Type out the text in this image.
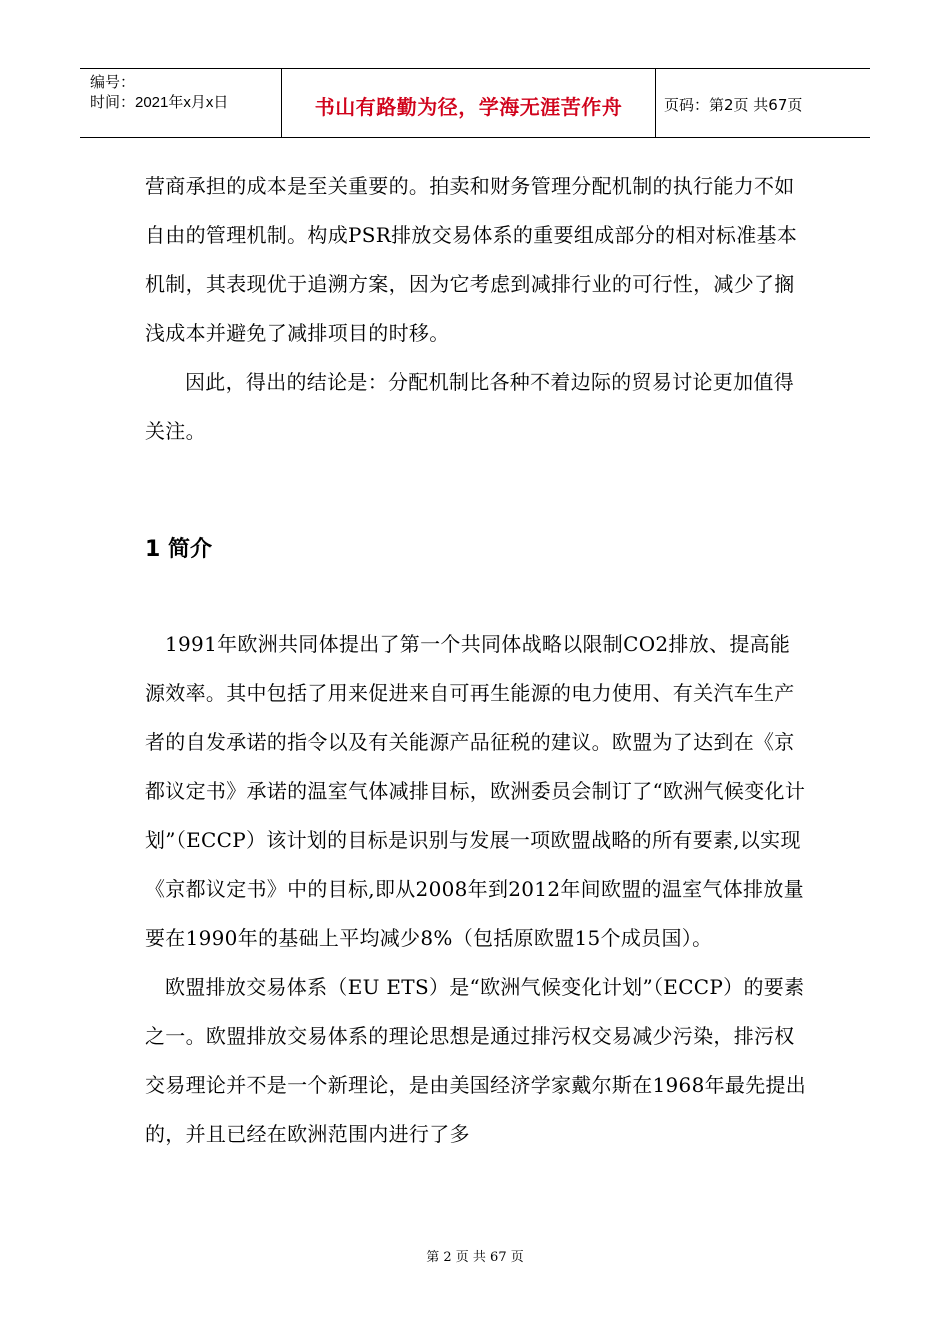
编号：
时间：2021年x月x日	书山有路勤为径，学海无涯苦作舟	页码：第2页 共67页

营商承担的成本是至关重要的。拍卖和财务管理分配机制的执行能力不如自由的管理机制。构成PSR排放交易体系的重要组成部分的相对标准基本机制，其表现优于追溯方案，因为它考虑到减排行业的可行性，减少了搁浅成本并避免了减排项目的时移。

因此，得出的结论是：分配机制比各种不着边际的贸易讨论更加值得关注。

1 简介

1991年欧洲共同体提出了第一个共同体战略以限制CO2排放、提高能源效率。其中包括了用来促进来自可再生能源的电力使用、有关汽车生产者的自发承诺的指令以及有关能源产品征税的建议。欧盟为了达到在《京都议定书》承诺的温室气体减排目标，欧洲委员会制订了“欧洲气候变化计划”（ECCP）该计划的目标是识别与发展一项欧盟战略的所有要素,以实现《京都议定书》中的目标,即从2008年到2012年间欧盟的温室气体排放量要在1990年的基础上平均减少8%（包括原欧盟15个成员国）。

欧盟排放交易体系（EU ETS）是“欧洲气候变化计划”（ECCP）的要素之一。欧盟排放交易体系的理论思想是通过排污权交易减少污染，排污权交易理论并不是一个新理论，是由美国经济学家戴尔斯在1968年最先提出的，并且已经在欧洲范围内进行了多

第 2 页 共 67 页
